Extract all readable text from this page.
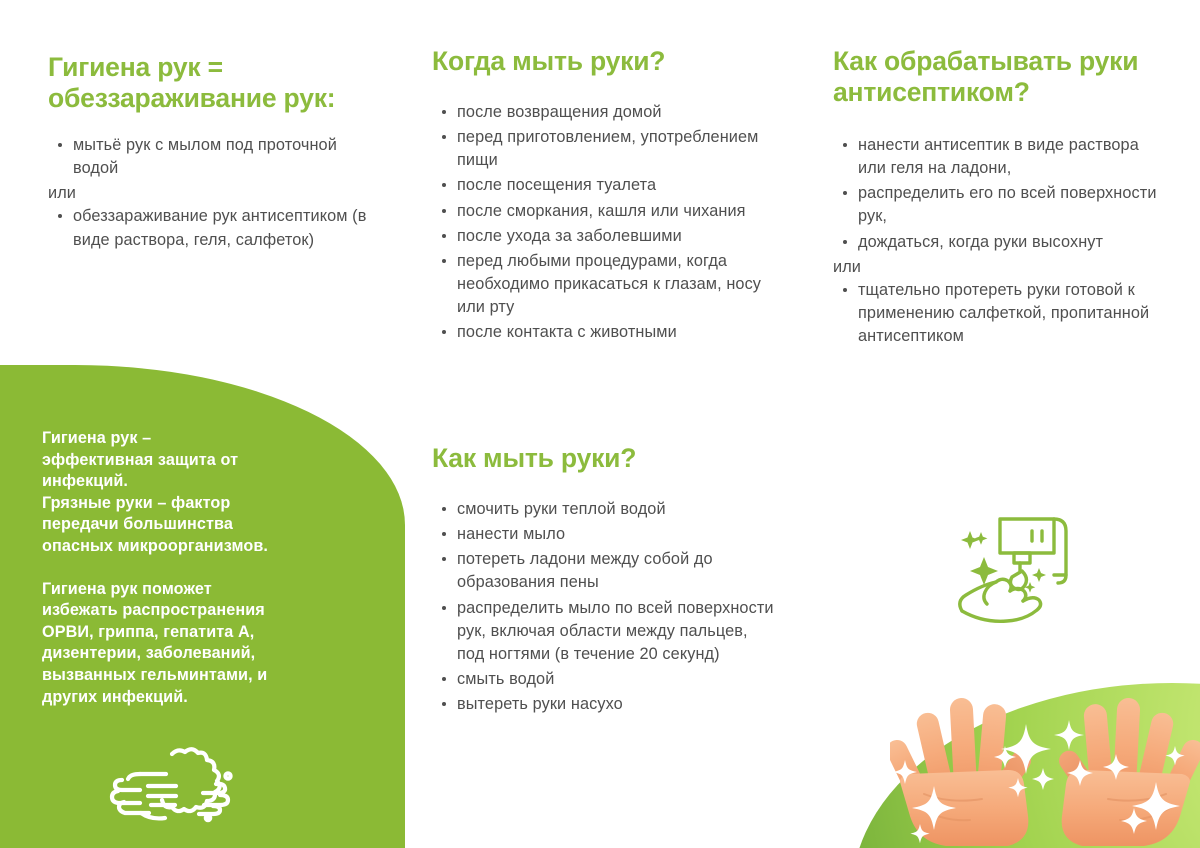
Гигиена рук = обеззараживание рук:
мытьё рук с мылом под проточной водой

или

обеззараживание рук антисептиком (в виде раствора, геля, салфеток)

Гигиена рук –
эффективная защита от
инфекций.
Грязные руки – фактор
передачи большинства
опасных микроорганизмов.

Гигиена рук поможет
избежать распространения
ОРВИ, гриппа, гепатита А,
дизентерии, заболеваний,
вызванных гельминтами, и
других инфекций.

Когда мыть руки?
после возвращения домой
перед приготовлением, употреблением пищи
после посещения туалета
после сморкания, кашля или чихания
после ухода за заболевшими
перед любыми процедурами, когда необходимо прикасаться к глазам, носу или рту
после контакта с животными
Как мыть руки?
смочить руки теплой водой
нанести мыло
потереть ладони между собой до образования пены
распределить мыло по всей поверхности рук, включая области между пальцев, под ногтями (в течение 20 секунд)
смыть водой
вытереть руки насухо
Как обрабатывать руки антисептиком?
нанести антисептик в виде раствора или геля на ладони,
распределить его по всей поверхности рук,
дождаться, когда руки высохнут

или

тщательно протереть руки готовой к применению салфеткой, пропитанной антисептиком
